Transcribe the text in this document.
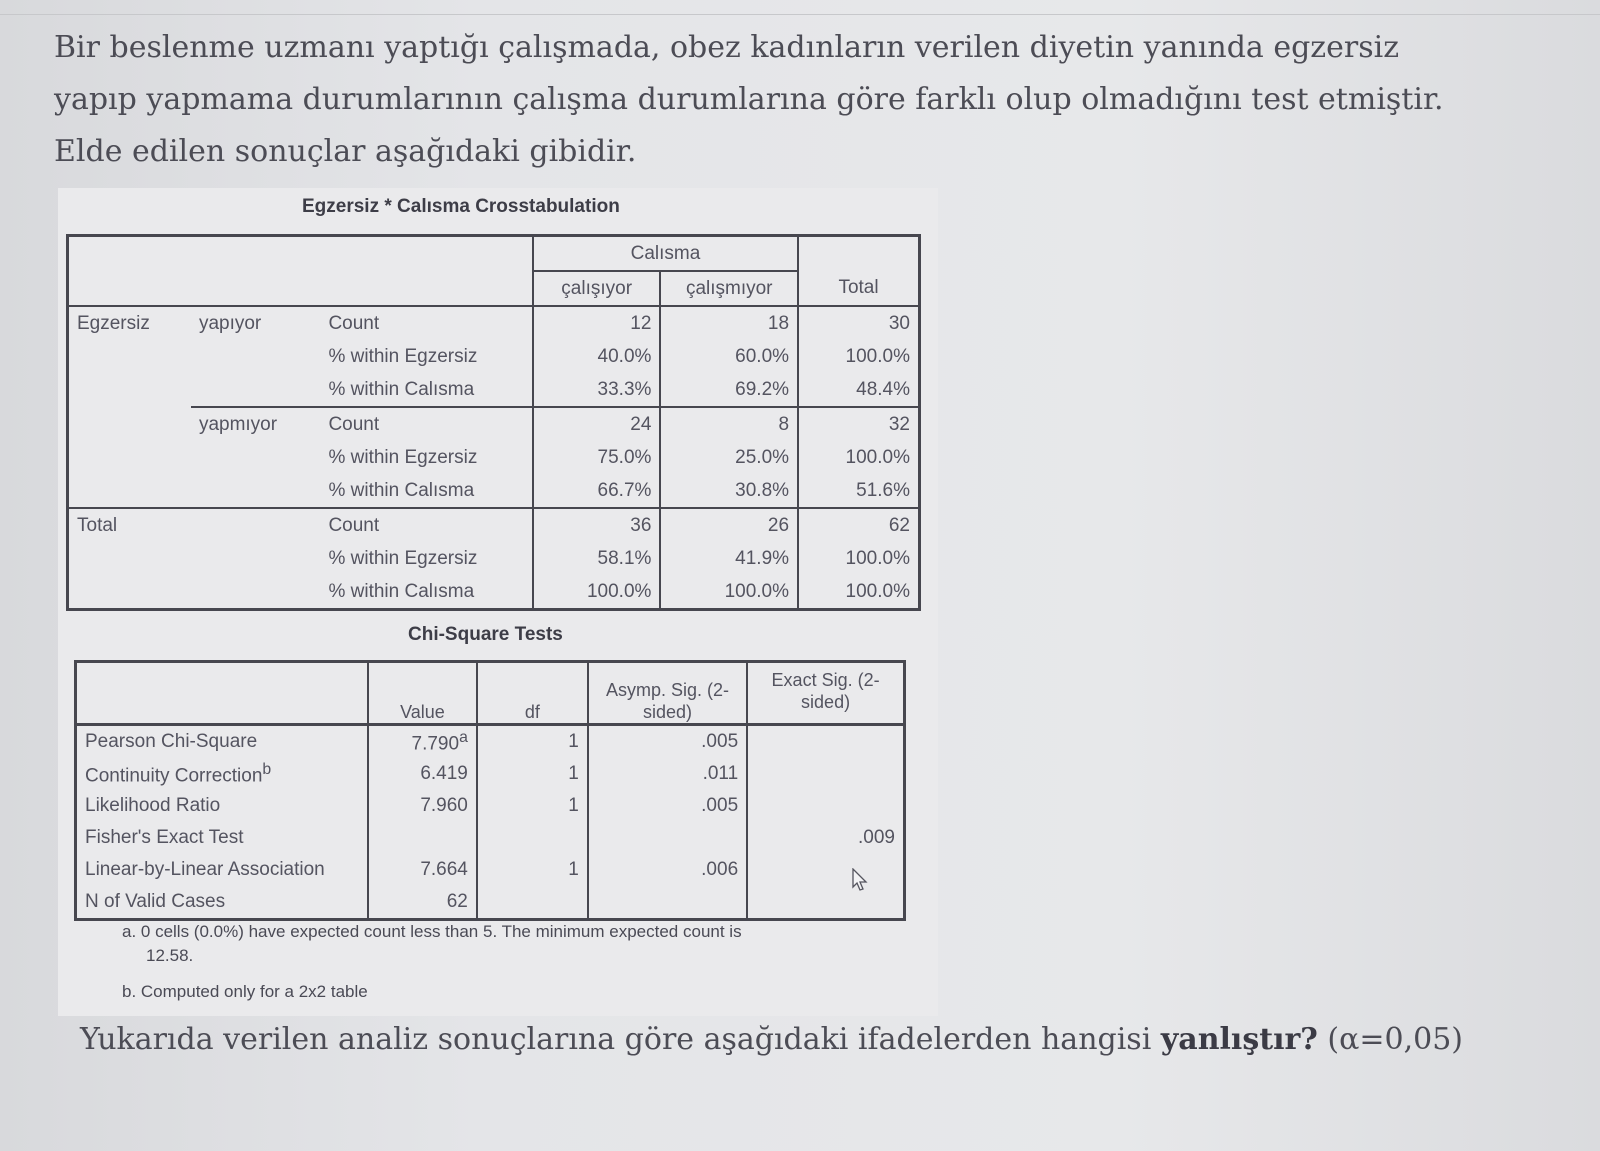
Bir beslenme uzmanı yaptığı çalışmada, obez kadınların verilen diyetin yanında egzersiz
yapıp yapmama durumlarının çalışma durumlarına göre farklı olup olmadığını test etmiştir.
Elde edilen sonuçlar aşağıdaki gibidir.
Egzersiz * Calısma Crosstabulation
			Calısma		
			çalışıyor	çalışmıyor	Total
Egzersiz	yapıyor	Count	12	18	30
		% within Egzersiz	40.0%	60.0%	100.0%
		% within Calısma	33.3%	69.2%	48.4%
	yapmıyor	Count	24	8	32
		% within Egzersiz	75.0%	25.0%	100.0%
		% within Calısma	66.7%	30.8%	51.6%
Total		Count	36	26	62
		% within Egzersiz	58.1%	41.9%	100.0%
		% within Calısma	100.0%	100.0%	100.0%
Chi-Square Tests
	Value	df	Asymp. Sig. (2-sided)	Exact Sig. (2-sided)
Pearson Chi-Square	7.790$^a$	1	.005	
Continuity Correction$^b$	6.419	1	.011	
Likelihood Ratio	7.960	1	.005	
Fisher's Exact Test				.009
Linear-by-Linear Association	7.664	1	.006	
N of Valid Cases	62			
a. 0 cells (0.0%) have expected count less than 5. The minimum expected count is
12.58.
b. Computed only for a 2x2 table
Yukarıda verilen analiz sonuçlarına göre aşağıdaki ifadelerden hangisi yanlıştır? (α=0,05)
